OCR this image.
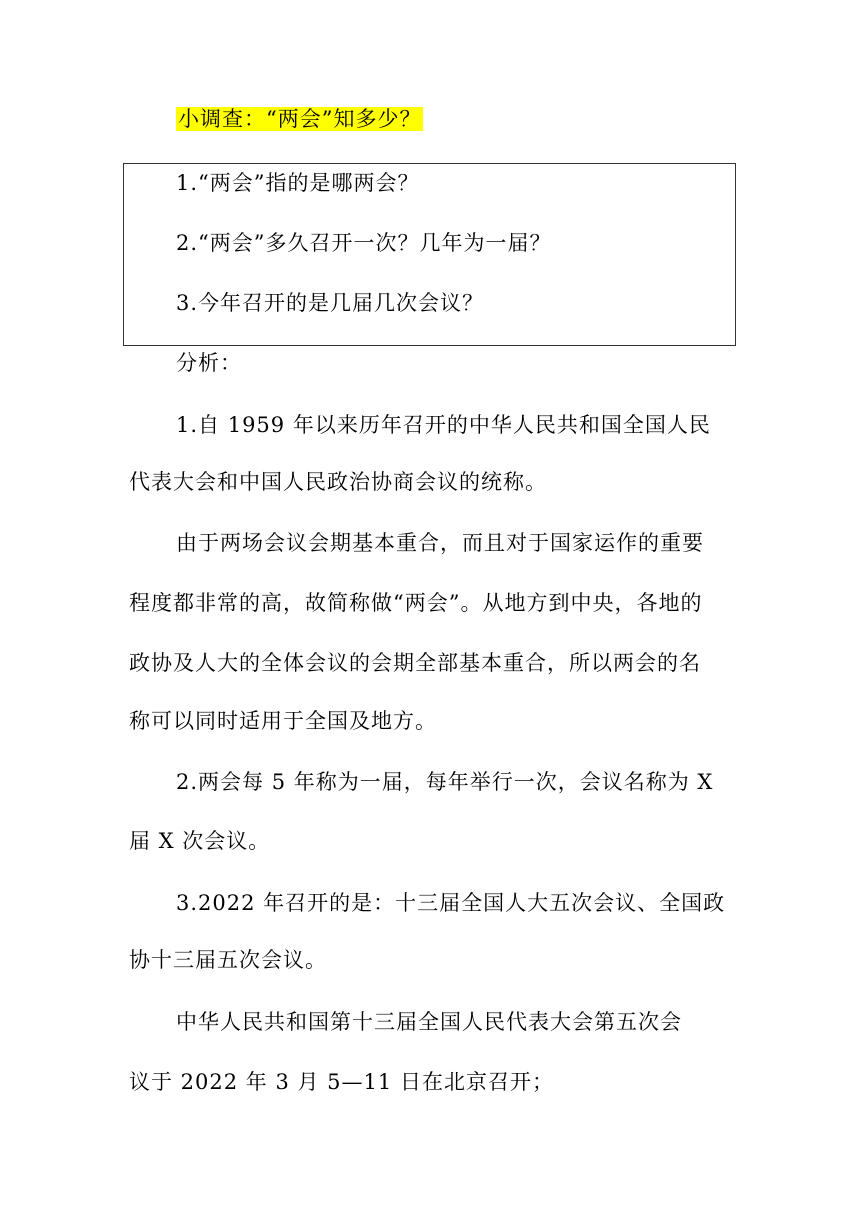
小调查：“两会”知多少？
1.“两会”指的是哪两会？
2.“两会”多久召开一次？几年为一届？
3.今年召开的是几届几次会议？
分析：
1.自 1959 年以来历年召开的中华人民共和国全国人民
代表大会和中国人民政治协商会议的统称。
由于两场会议会期基本重合，而且对于国家运作的重要
程度都非常的高，故简称做“两会”。从地方到中央，各地的
政协及人大的全体会议的会期全部基本重合，所以两会的名
称可以同时适用于全国及地方。
2.两会每 5 年称为一届，每年举行一次，会议名称为 X
届 X 次会议。
3.2022 年召开的是：十三届全国人大五次会议、全国政
协十三届五次会议。
中华人民共和国第十三届全国人民代表大会第五次会
议于 2022 年 3 月 5—11 日在北京召开；
